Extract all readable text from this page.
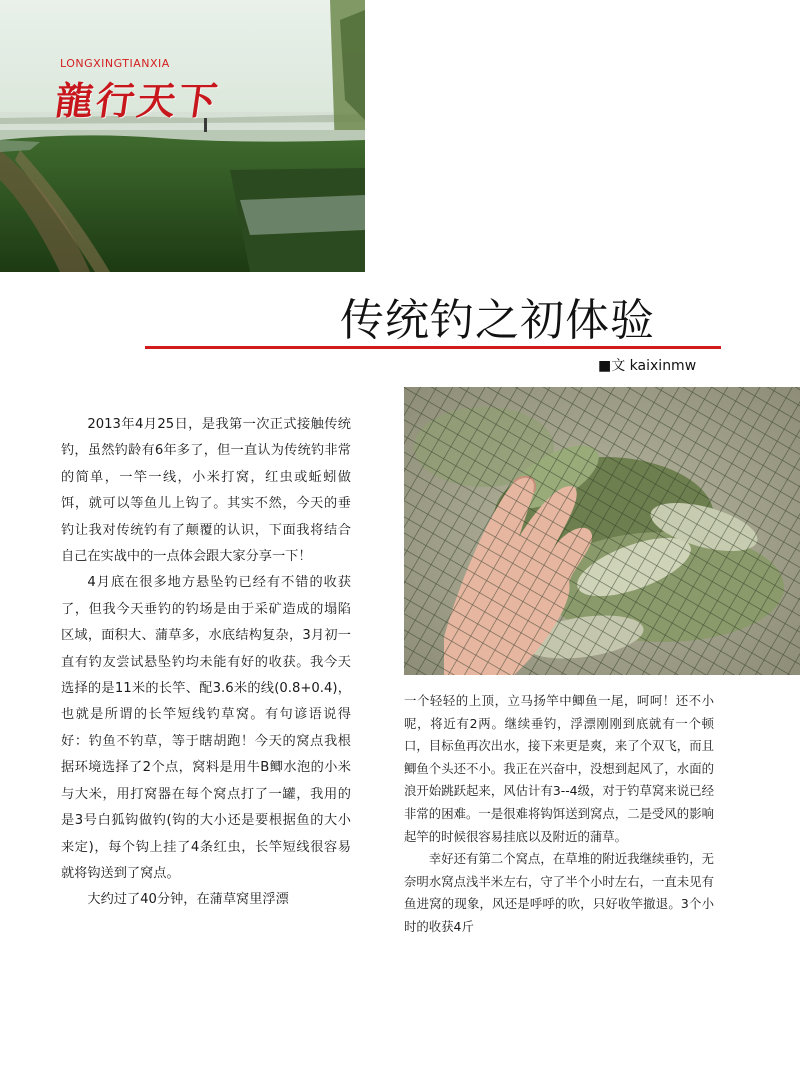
LONGXINGTIANXIA
龍行天下
传统钓之初体验
■文 kaixinmw

2013年4月25日，是我第一次正式接触传统钓，虽然钓龄有6年多了，但一直认为传统钓非常的简单，一竿一线，小米打窝，红虫或蚯蚓做饵，就可以等鱼儿上钩了。其实不然，今天的垂钓让我对传统钓有了颠覆的认识，下面我将结合自己在实战中的一点体会跟大家分享一下！

4月底在很多地方悬坠钓已经有不错的收获了，但我今天垂钓的钓场是由于采矿造成的塌陷区域，面积大、蒲草多，水底结构复杂，3月初一直有钓友尝试悬坠钓均未能有好的收获。我今天选择的是11米的长竿、配3.6米的线(0.8+0.4)，也就是所谓的长竿短线钓草窝。有句谚语说得好：钓鱼不钓草，等于瞎胡跑！今天的窝点我根据环境选择了2个点，窝料是用牛B鲫水泡的小米与大米，用打窝器在每个窝点打了一罐，我用的是3号白狐钩做钓(钩的大小还是要根据鱼的大小来定)，每个钩上挂了4条红虫，长竿短线很容易就将钩送到了窝点。

大约过了40分钟，在蒲草窝里浮漂

一个轻轻的上顶，立马扬竿中鲫鱼一尾，呵呵！还不小呢，将近有2两。继续垂钓，浮漂刚刚到底就有一个顿口，目标鱼再次出水，接下来更是爽，来了个双飞，而且鲫鱼个头还不小。我正在兴奋中，没想到起风了，水面的浪开始跳跃起来，风估计有3--4级，对于钓草窝来说已经非常的困难。一是很难将钩饵送到窝点，二是受风的影响起竿的时候很容易挂底以及附近的蒲草。

幸好还有第二个窝点，在草堆的附近我继续垂钓，无奈明水窝点浅半米左右，守了半个小时左右，一直未见有鱼进窝的现象，风还是呼呼的吹，只好收竿撤退。3个小时的收获4斤
